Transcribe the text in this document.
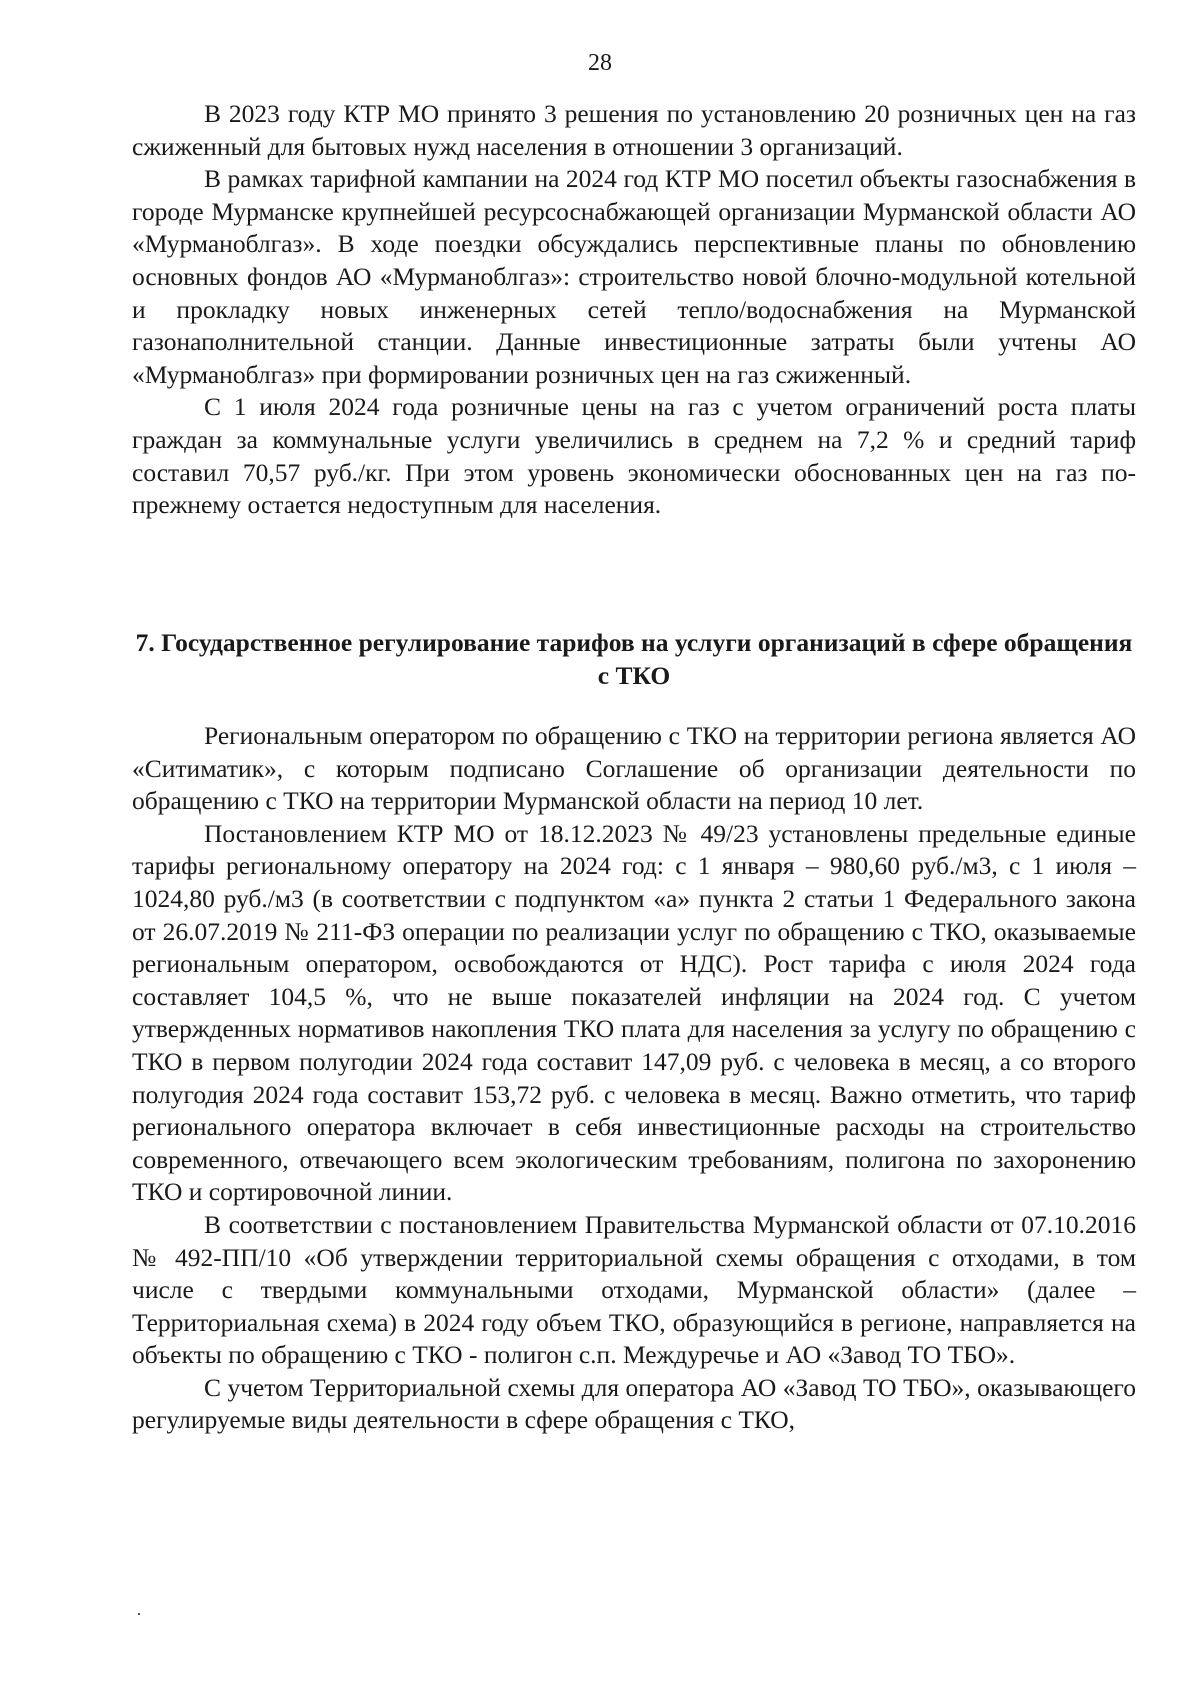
28

В 2023 году КТР МО принято 3 решения по установлению 20 розничных цен на газ сжиженный для бытовых нужд населения в отношении 3 организаций.

В рамках тарифной кампании на 2024 год КТР МО посетил объекты газоснабжения в городе Мурманске крупнейшей ресурсоснабжающей организации Мурманской области АО «Мурманоблгаз». В ходе поездки обсуждались перспективные планы по обновлению основных фондов АО «Мурманоблгаз»: строительство новой блочно-модульной котельной и прокладку новых инженерных сетей тепло/водоснабжения на Мурманской газонаполнительной станции. Данные инвестиционные затраты были учтены АО «Мурманоблгаз» при формировании розничных цен на газ сжиженный.

С 1 июля 2024 года розничные цены на газ с учетом ограничений роста платы граждан за коммунальные услуги увеличились в среднем на 7,2 % и средний тариф составил 70,57 руб./кг. При этом уровень экономически обоснованных цен на газ по-прежнему остается недоступным для населения.

7. Государственное регулирование тарифов на услуги организаций в сфере обращения с ТКО

Региональным оператором по обращению с ТКО на территории региона является АО «Ситиматик», с которым подписано Соглашение об организации деятельности по обращению с ТКО на территории Мурманской области на период 10 лет.

Постановлением КТР МО от 18.12.2023 № 49/23 установлены предельные единые тарифы региональному оператору на 2024 год: с 1 января – 980,60 руб./м3, с 1 июля – 1024,80 руб./м3 (в соответствии с подпунктом «а» пункта 2 статьи 1 Федерального закона от 26.07.2019 № 211-ФЗ операции по реализации услуг по обращению с ТКО, оказываемые региональным оператором, освобождаются от НДС). Рост тарифа с июля 2024 года составляет 104,5 %, что не выше показателей инфляции на 2024 год. С учетом утвержденных нормативов накопления ТКО плата для населения за услугу по обращению с ТКО в первом полугодии 2024 года составит 147,09 руб. с человека в месяц, а со второго полугодия 2024 года составит 153,72 руб. с человека в месяц. Важно отметить, что тариф регионального оператора включает в себя инвестиционные расходы на строительство современного, отвечающего всем экологическим требованиям, полигона по захоронению ТКО и сортировочной линии.

В соответствии с постановлением Правительства Мурманской области от 07.10.2016 № 492-ПП/10 «Об утверждении территориальной схемы обращения с отходами, в том числе с твердыми коммунальными отходами, Мурманской области» (далее – Территориальная схема) в 2024 году объем ТКО, образующийся в регионе, направляется на объекты по обращению с ТКО - полигон с.п. Междуречье и АО «Завод ТО ТБО».

С учетом Территориальной схемы для оператора АО «Завод ТО ТБО», оказывающего регулируемые виды деятельности в сфере обращения с ТКО,
